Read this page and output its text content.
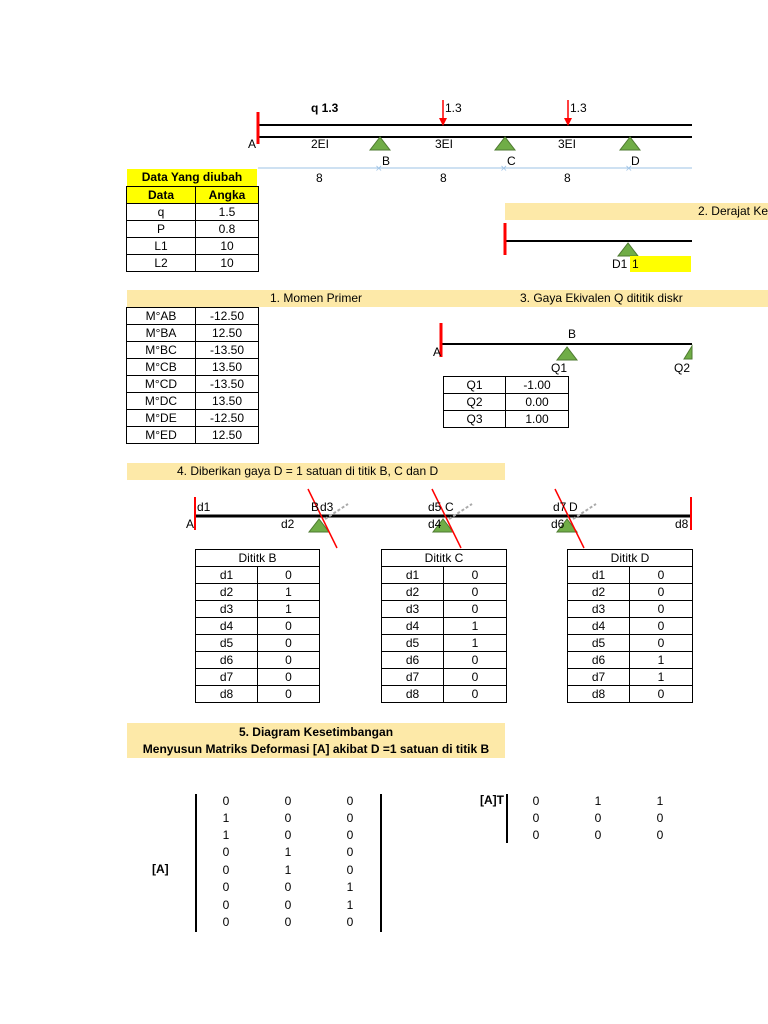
×	×	×
q 1.3	1.3	1.3
A	2EI	3EI	3EI
B	C	D
8	8	8
Data Yang diubah
Data	Angka
q	1.5
P	0.8
L1	10
L2	10
2. Derajat Ke
D1 1
1. Momen Primer
M°AB	-12.50
M°BA	12.50
M°BC	-13.50
M°CB	13.50
M°CD	-13.50
M°DC	13.50
M°DE	-12.50
M°ED	12.50
3. Gaya Ekivalen Q dititik diskr
B
A
Q1	Q2
Q1	-1.00
Q2	0.00
Q3	1.00
4. Diberikan gaya D = 1 satuan di titik B, C dan D
d1
A	d2
B d3	d5 C
d4
d7 D
d6	d8
Dititk B	
d1	0
d2	1
d3	1
d4	0
d5	0
d6	0
d7	0
d8	0
Dititk C	
d1	0
d2	0
d3	0
d4	1
d5	1
d6	0
d7	0
d8	0
Dititk D	
d1	0
d2	0
d3	0
d4	0
d5	0
d6	1
d7	1
d8	0
5. Diagram Kesetimbangan
Menyusun Matriks Deformasi [A] akibat D =1 satuan di titik B
[A]
[A]T
0	0	0
1	0	0
1	0	0
0	1	0
0	1	0
0	0	1
0	0	1
0	0	0
0	1	1
0	0	0
0	0	0
